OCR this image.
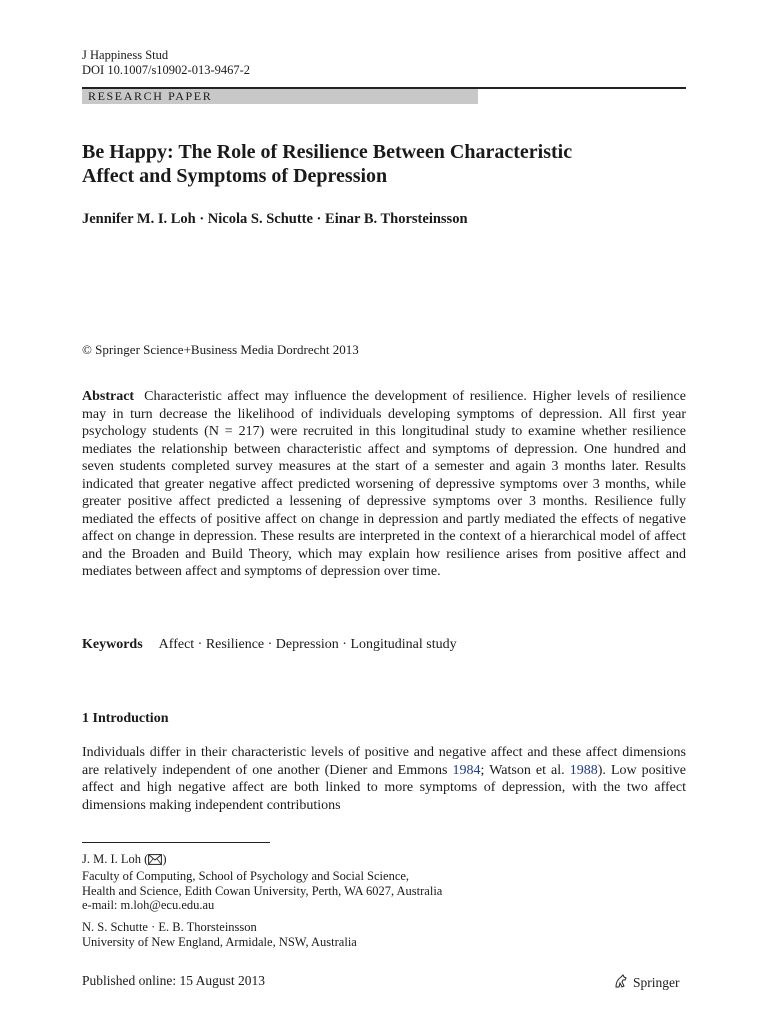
J Happiness Stud
DOI 10.1007/s10902-013-9467-2
RESEARCH PAPER
Be Happy: The Role of Resilience Between Characteristic
Affect and Symptoms of Depression
Jennifer M. I. Loh · Nicola S. Schutte · Einar B. Thorsteinsson
© Springer Science+Business Media Dordrecht 2013
Abstract Characteristic affect may influence the development of resilience. Higher levels of resilience may in turn decrease the likelihood of individuals developing symptoms of depression. All first year psychology students (N = 217) were recruited in this longitudinal study to examine whether resilience mediates the relationship between characteristic affect and symptoms of depression. One hundred and seven students completed survey measures at the start of a semester and again 3 months later. Results indicated that greater negative affect predicted worsening of depressive symptoms over 3 months, while greater positive affect predicted a lessening of depressive symptoms over 3 months. Resilience fully mediated the effects of positive affect on change in depression and partly mediated the effects of negative affect on change in depression. These results are interpreted in the context of a hierarchical model of affect and the Broaden and Build Theory, which may explain how resilience arises from positive affect and mediates between affect and symptoms of depression over time.
Keywords Affect · Resilience · Depression · Longitudinal study
1 Introduction
Individuals differ in their characteristic levels of positive and negative affect and these affect dimensions are relatively independent of one another (Diener and Emmons 1984; Watson et al. 1988). Low positive affect and high negative affect are both linked to more symptoms of depression, with the two affect dimensions making independent contributions
J. M. I. Loh ( )
Faculty of Computing, School of Psychology and Social Science,
Health and Science, Edith Cowan University, Perth, WA 6027, Australia
e-mail: m.loh@ecu.edu.au
N. S. Schutte · E. B. Thorsteinsson
University of New England, Armidale, NSW, Australia
Published online: 15 August 2013	Springer
